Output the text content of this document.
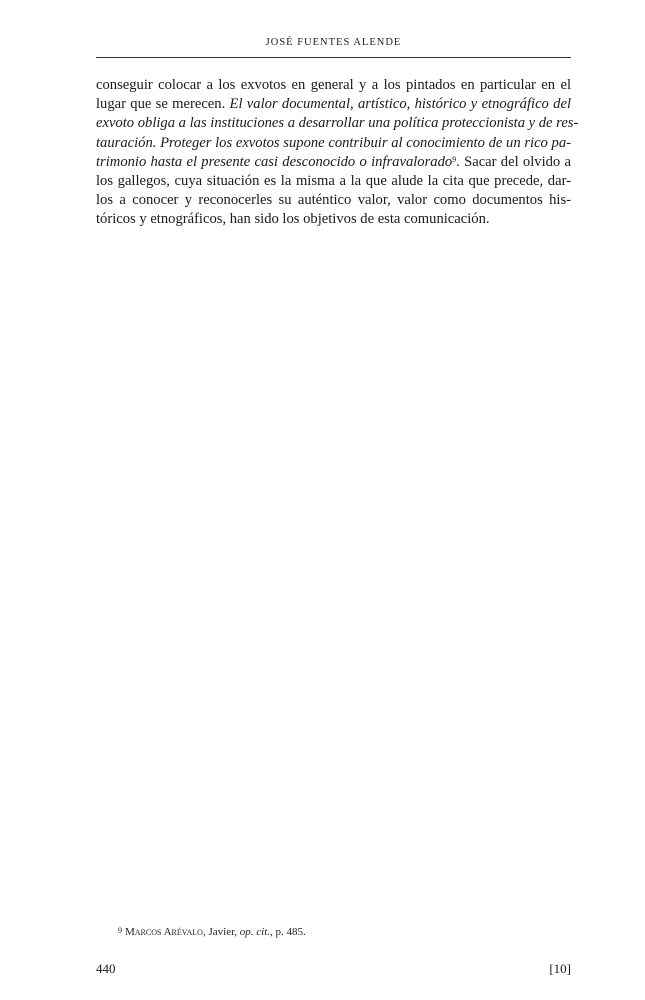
JOSÉ FUENTES ALENDE
conseguir colocar a los exvotos en general y a los pintados en particular en el
lugar que se merecen. El valor documental, artístico, histórico y etnográfico del
exvoto obliga a las instituciones a desarrollar una política proteccionista y de res-
tauración. Proteger los exvotos supone contribuir al conocimiento de un rico pa-
trimonio hasta el presente casi desconocido o infravalorado$^9$. Sacar del olvido a
los gallegos, cuya situación es la misma a la que alude la cita que precede, dar-
los a conocer y reconocerles su auténtico valor, valor como documentos his-
tóricos y etnográficos, han sido los objetivos de esta comunicación.
9 Marcos Arévalo, Javier, op. cit., p. 485.
440	[10]
